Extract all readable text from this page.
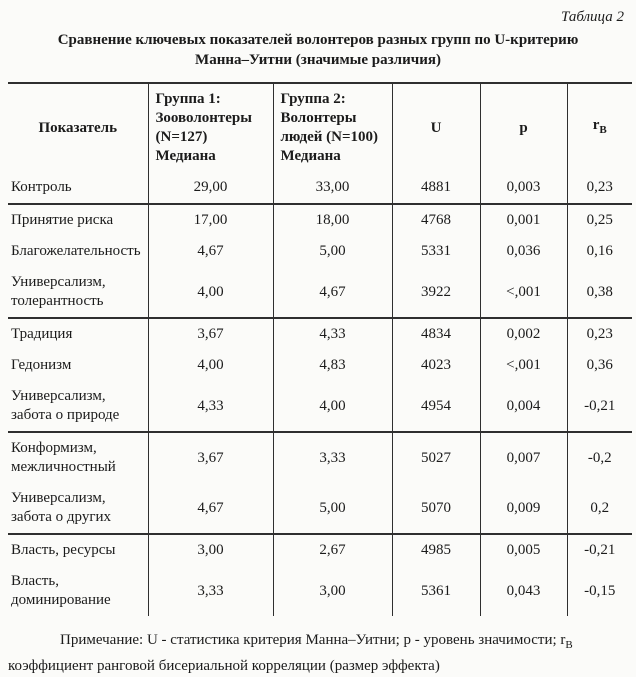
Таблица 2
Сравнение ключевых показателей волонтеров разных групп по U-критерию Манна–Уитни (значимые различия)
Показатель	Группа 1: Зооволонтеры (N=127) Медиана	Группа 2: Волонтеры людей (N=100) Медиана	U	p	$r_В$
Контроль	29,00	33,00	4881	0,003	0,23
Принятие риска	17,00	18,00	4768	0,001	0,25
Благожелательность	4,67	5,00	5331	0,036	0,16
Универсализм, толерантность	4,00	4,67	3922	<,001	0,38
Традиция	3,67	4,33	4834	0,002	0,23
Гедонизм	4,00	4,83	4023	<,001	0,36
Универсализм, забота о природе	4,33	4,00	4954	0,004	-0,21
Конформизм, межличностный	3,67	3,33	5027	0,007	-0,2
Универсализм, забота о других	4,67	5,00	5070	0,009	0,2
Власть, ресурсы	3,00	2,67	4985	0,005	-0,21
Власть, доминирование	3,33	3,00	5361	0,043	-0,15
Примечание: U - статистика критерия Манна–Уитни; p - уровень значимости; $r_В$
коэффициент ранговой бисериальной корреляции (размер эффекта)
